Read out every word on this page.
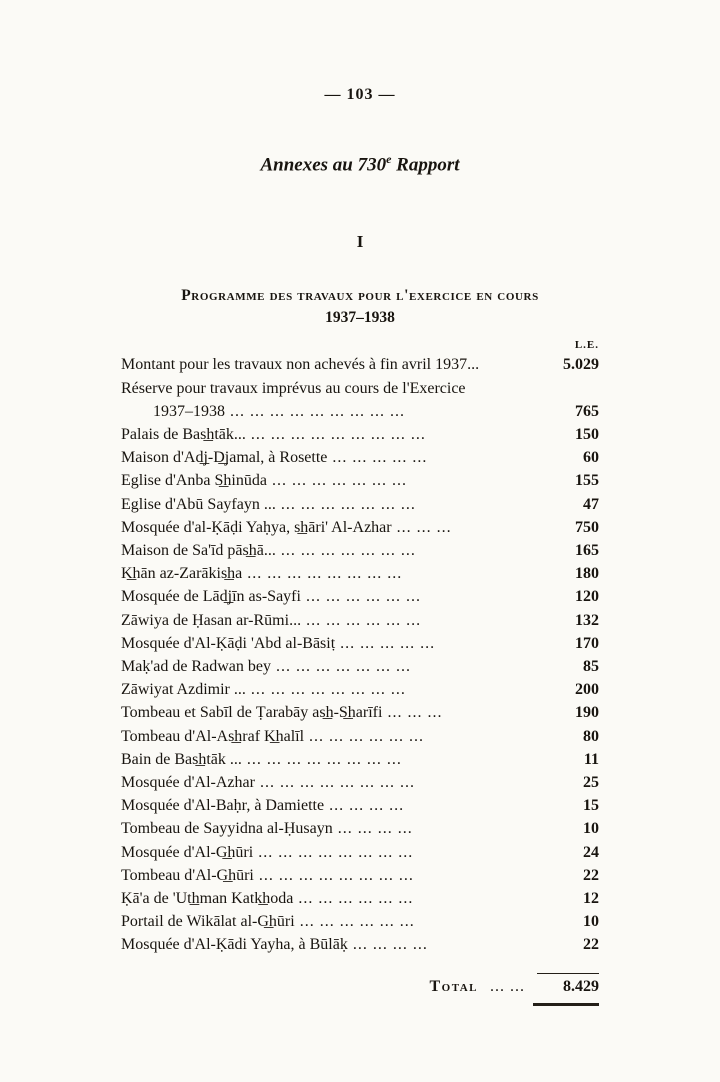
— 103 —
Annexes au 730e Rapport
I
Programme des travaux pour l'exercice en cours
1937–1938
L.E.
Montant pour les travaux non achevés à fin avril 1937...	5.029
Réserve pour travaux imprévus au cours de l'Exercice
1937–1938 ... ... ... ... ... ... ... ... ...	765
Palais de Bas͟htāk... ... ... ... ... ... ... ... ... ...	150
Maison d'Ad͟j-D͟jamal, à Rosette ... ... ... ... ...	60
Eglise d'Anba S͟hinūda ... ... ... ... ... ... ...	155
Eglise d'Abū Sayfayn ... ... ... ... ... ... ... ...	47
Mosquée d'al-Ḳāḍi Yaḥya, s͟hāri' Al-Azhar ... ... ...	750
Maison de Sa'īd pās͟hā... ... ... ... ... ... ... ...	165
K͟hān az-Zarākis͟ha ... ... ... ... ... ... ... ...	180
Mosquée de Lād͟jīn as-Sayfi ... ... ... ... ... ...	120
Zāwiya de Ḥasan ar-Rūmi... ... ... ... ... ... ...	132
Mosquée d'Al-Ḳāḍi 'Abd al-Bāsiṭ ... ... ... ... ...	170
Maḳ'ad de Radwan bey ... ... ... ... ... ... ...	85
Zāwiyat Azdimir ... ... ... ... ... ... ... ... ...	200
Tombeau et Sabīl de Ṭarabāy as͟h-S͟harīfi ... ... ...	190
Tombeau d'Al-As͟hraf K͟halīl ... ... ... ... ... ...	80
Bain de Bas͟htāk ... ... ... ... ... ... ... ... ...	11
Mosquée d'Al-Azhar ... ... ... ... ... ... ... ...	25
Mosquée d'Al-Baḥr, à Damiette ... ... ... ...	15
Tombeau de Sayyidna al-Ḥusayn ... ... ... ...	10
Mosquée d'Al-G͟hūri ... ... ... ... ... ... ... ...	24
Tombeau d'Al-G͟hūri ... ... ... ... ... ... ... ...	22
Ḳā'a de 'Ut͟hman Katk͟hoda ... ... ... ... ... ...	12
Portail de Wikālat al-G͟hūri ... ... ... ... ... ...	10
Mosquée d'Al-Ḳādi Yayha, à Būlāḳ ... ... ... ...	22
Total ... ...	8.429
